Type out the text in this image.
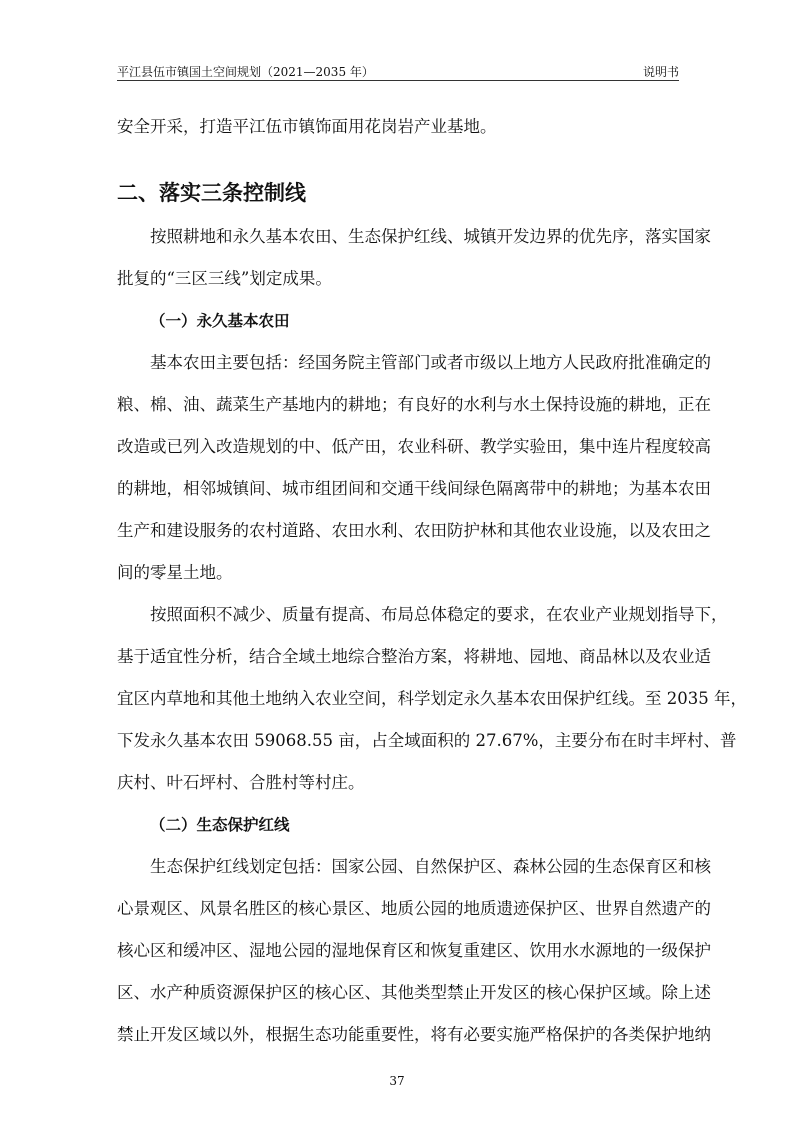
平江县伍市镇国土空间规划（2021—2035 年）	说明书
安全开采，打造平江伍市镇饰面用花岗岩产业基地。
二、落实三条控制线
按照耕地和永久基本农田、生态保护红线、城镇开发边界的优先序，落实国家
批复的“三区三线”划定成果。
（一）永久基本农田
基本农田主要包括：经国务院主管部门或者市级以上地方人民政府批准确定的
粮、棉、油、蔬菜生产基地内的耕地；有良好的水利与水土保持设施的耕地，正在
改造或已列入改造规划的中、低产田，农业科研、教学实验田，集中连片程度较高
的耕地，相邻城镇间、城市组团间和交通干线间绿色隔离带中的耕地；为基本农田
生产和建设服务的农村道路、农田水利、农田防护林和其他农业设施，以及农田之
间的零星土地。
按照面积不减少、质量有提高、布局总体稳定的要求，在农业产业规划指导下，
基于适宜性分析，结合全域土地综合整治方案，将耕地、园地、商品林以及农业适
宜区内草地和其他土地纳入农业空间，科学划定永久基本农田保护红线。至 2035 年，
下发永久基本农田 59068.55 亩，占全域面积的 27.67%，主要分布在时丰坪村、普
庆村、叶石坪村、合胜村等村庄。
（二）生态保护红线
生态保护红线划定包括：国家公园、自然保护区、森林公园的生态保育区和核
心景观区、风景名胜区的核心景区、地质公园的地质遗迹保护区、世界自然遗产的
核心区和缓冲区、湿地公园的湿地保育区和恢复重建区、饮用水水源地的一级保护
区、水产种质资源保护区的核心区、其他类型禁止开发区的核心保护区域。除上述
禁止开发区域以外，根据生态功能重要性，将有必要实施严格保护的各类保护地纳
37
